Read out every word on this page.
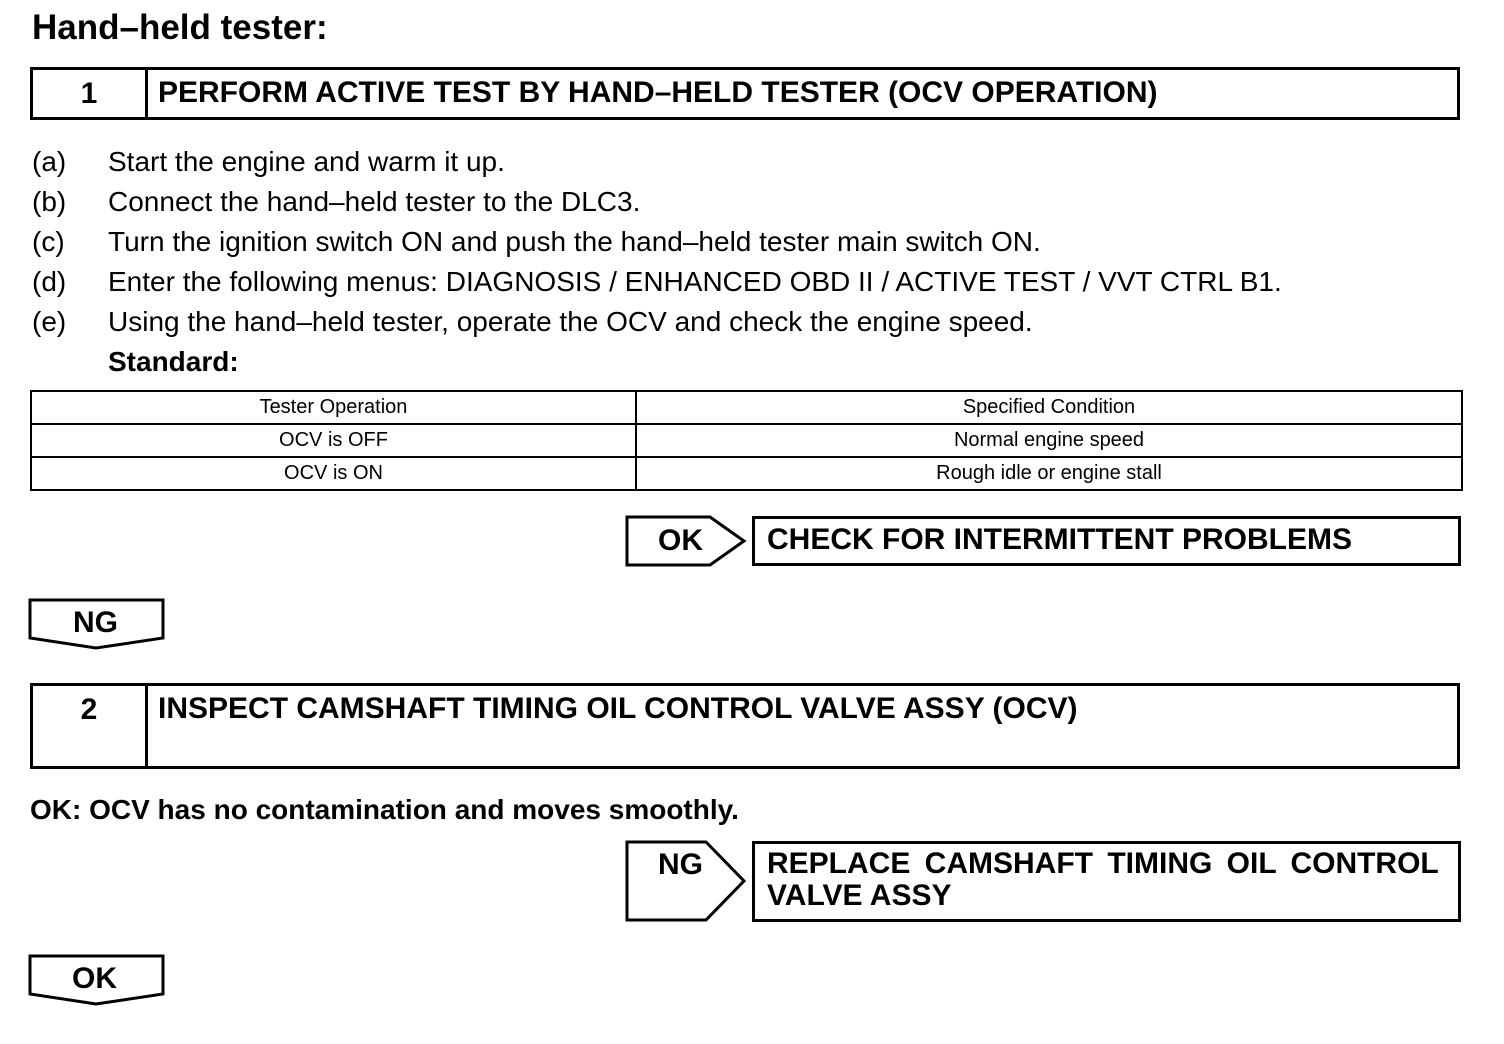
Hand–held tester:
1	PERFORM ACTIVE TEST BY HAND–HELD TESTER (OCV OPERATION)
(a) Start the engine and warm it up.
(b) Connect the hand–held tester to the DLC3.
(c) Turn the ignition switch ON and push the hand–held tester main switch ON.
(d) Enter the following menus: DIAGNOSIS / ENHANCED OBD II / ACTIVE TEST / VVT CTRL B1.
(e) Using the hand–held tester, operate the OCV and check the engine speed.
Standard:
Tester Operation	Specified Condition
OCV is OFF	Normal engine speed
OCV is ON	Rough idle or engine stall
OK	CHECK FOR INTERMITTENT PROBLEMS
NG
2	INSPECT CAMSHAFT TIMING OIL CONTROL VALVE ASSY (OCV)
OK: OCV has no contamination and moves smoothly.
NG REPLACE CAMSHAFT TIMING OIL CONTROL
VALVE ASSY
OK
